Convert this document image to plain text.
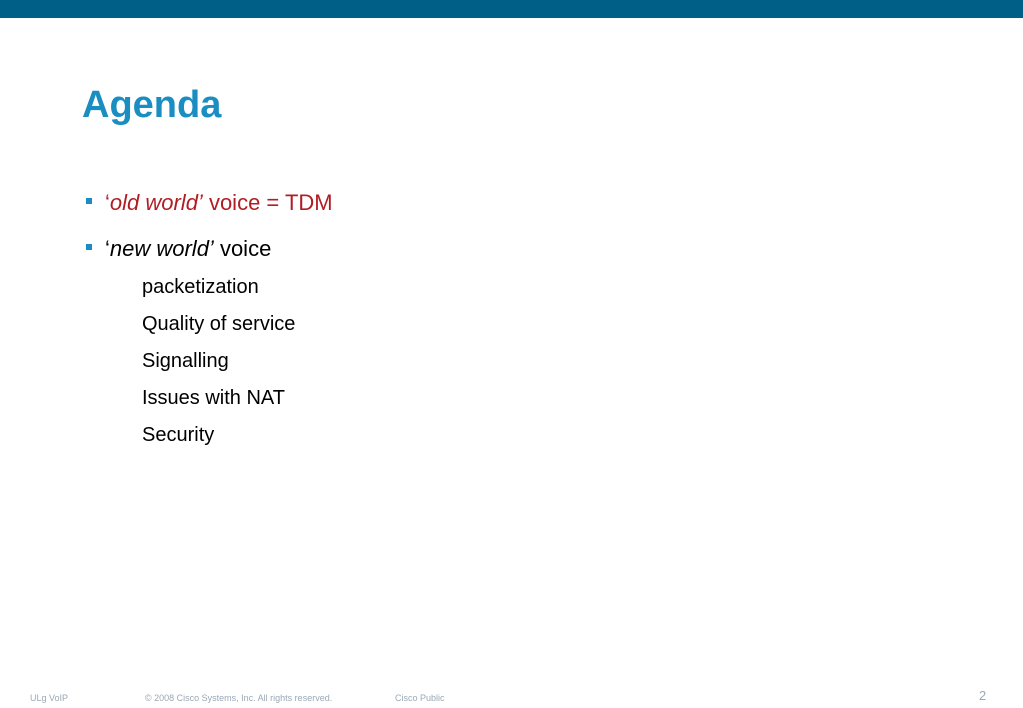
Agenda
‘old world’ voice = TDM
‘new world’ voice
packetization
Quality of service
Signalling
Issues with NAT
Security
ULg VoIP	© 2008 Cisco Systems, Inc. All rights reserved.	Cisco Public	2
